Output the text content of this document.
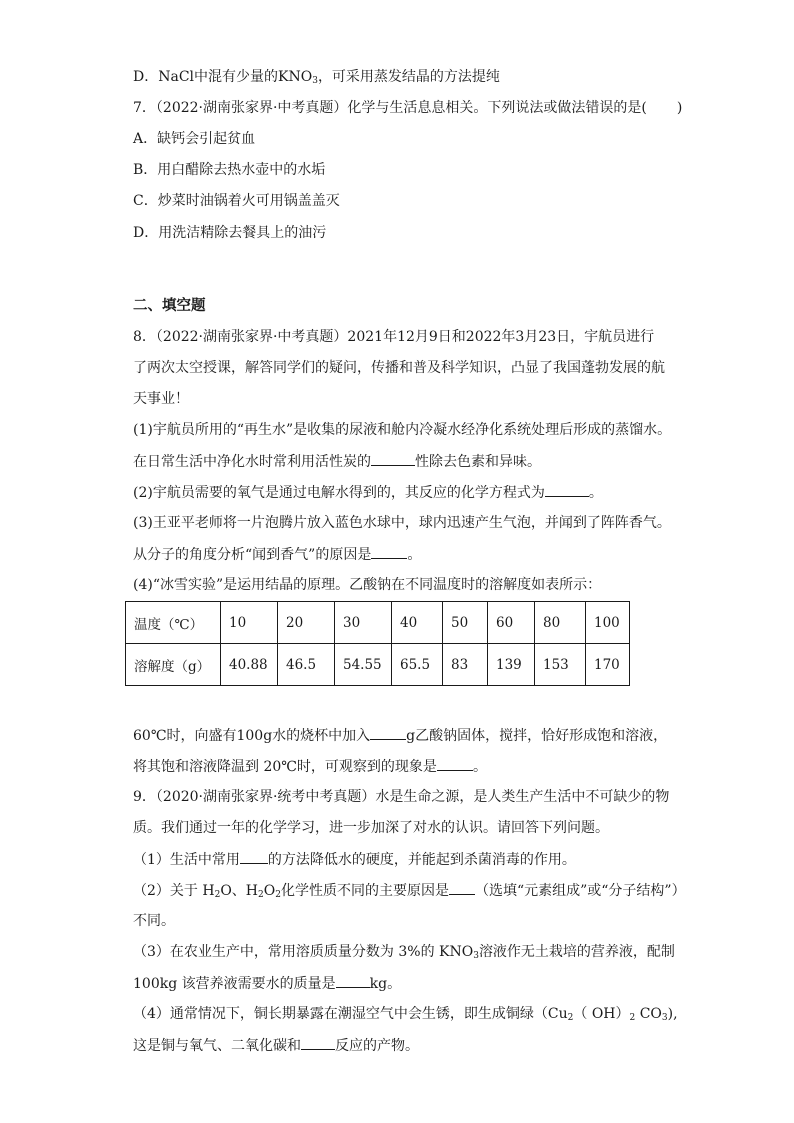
D．NaCl中混有少量的$KNO_3$，可采用蒸发结晶的方法提纯
7．（2022·湖南张家界·中考真题）化学与生活息息相关。下列说法或做法错误的是( )
A．缺钙会引起贫血
B．用白醋除去热水壶中的水垢
C．炒菜时油锅着火可用锅盖盖灭
D．用洗洁精除去餐具上的油污
二、填空题
8．（2022·湖南张家界·中考真题）2021年12月9日和2022年3月23日，宇航员进行
了两次太空授课，解答同学们的疑问，传播和普及科学知识，凸显了我国蓬勃发展的航
天事业！
(1)宇航员所用的“再生水”是收集的尿液和舱内冷凝水经净化系统处理后形成的蒸馏水。
在日常生活中净化水时常利用活性炭的	性除去色素和异味。
(2)宇航员需要的氧气是通过电解水得到的，其反应的化学方程式为	。
(3)王亚平老师将一片泡腾片放入蓝色水球中，球内迅速产生气泡，并闻到了阵阵香气。
从分子的角度分析“闻到香气”的原因是	。
(4)“冰雪实验”是运用结晶的原理。乙酸钠在不同温度时的溶解度如表所示：
温度（℃）	10	20	30	40	50	60	80	100
溶解度（g）	40.88	46.5	54.55	65.5	83	139	153	170
60℃时，向盛有100g水的烧杯中加入	g乙酸钠固体，搅拌，恰好形成饱和溶液，
将其饱和溶液降温到 20℃时，可观察到的现象是	。
9．（2020·湖南张家界·统考中考真题）水是生命之源，是人类生产生活中不可缺少的物
质。我们通过一年的化学学习，进一步加深了对水的认识。请回答下列问题。
（1）生活中常用 的方法降低水的硬度，并能起到杀菌消毒的作用。
（2）关于 $H_2O$、$H_2O_2$化学性质不同的主要原因是 （选填“元素组成”或“分子结构”）
不同。
（3）在农业生产中，常用溶质质量分数为 3%的 $KNO_3$溶液作无土栽培的营养液，配制
100kg 该营养液需要水的质量是 kg。
（4）通常情况下，铜长期暴露在潮湿空气中会生锈，即生成铜绿（$Cu_2$（ $OH)_2$ $CO_3$),
这是铜与氧气、二氧化碳和 反应的产物。
